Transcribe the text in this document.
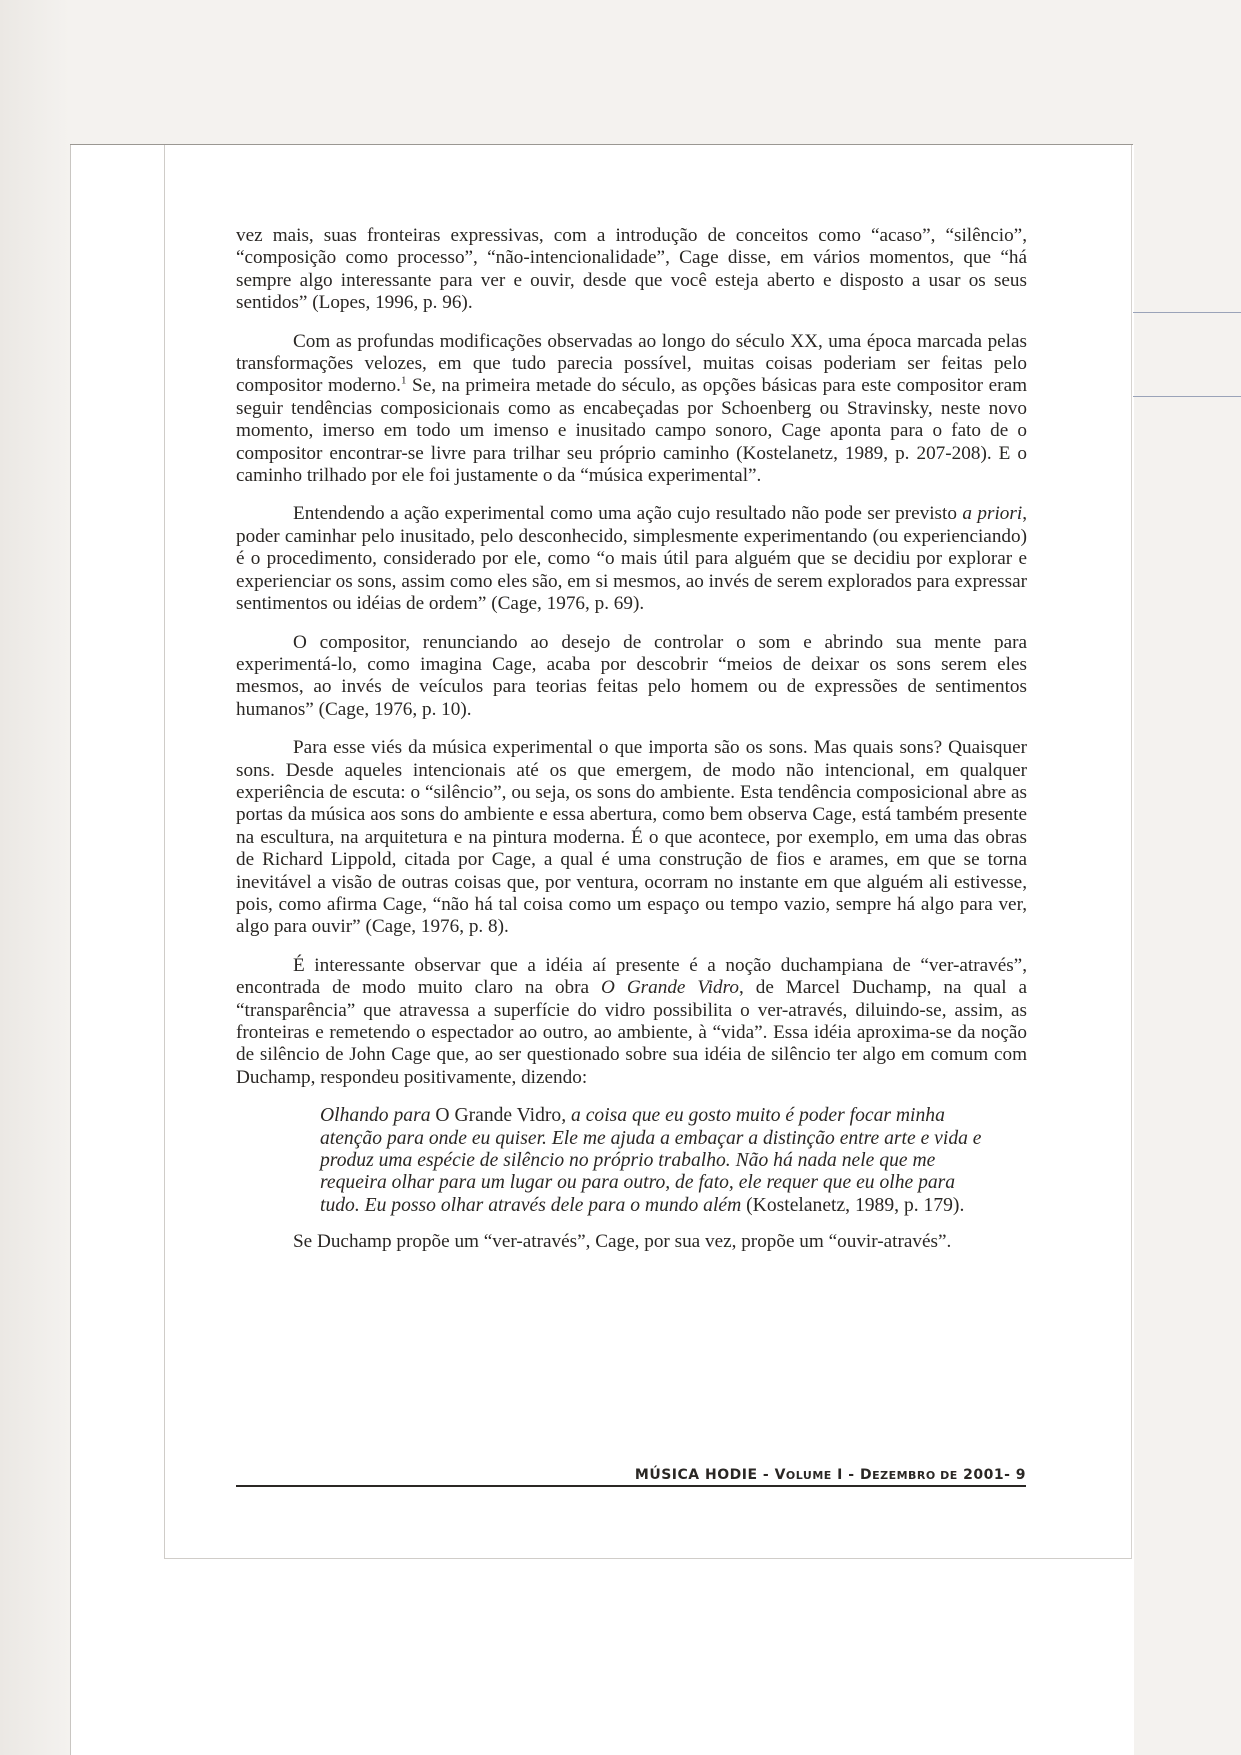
vez mais, suas fronteiras expressivas, com a introdução de conceitos como “acaso”, “silêncio”, “composição como processo”, “não-intencionalidade”, Cage disse, em vários momentos, que “há sempre algo interessante para ver e ouvir, desde que você esteja aberto e disposto a usar os seus sentidos” (Lopes, 1996, p. 96).

Com as profundas modificações observadas ao longo do século XX, uma época marcada pelas transformações velozes, em que tudo parecia possível, muitas coisas poderiam ser feitas pelo compositor moderno.$^1$ Se, na primeira metade do século, as opções básicas para este compositor eram seguir tendências composicionais como as encabeçadas por Schoenberg ou Stravinsky, neste novo momento, imerso em todo um imenso e inusitado campo sonoro, Cage aponta para o fato de o compositor encontrar-se livre para trilhar seu próprio caminho (Kostelanetz, 1989, p. 207-208). E o caminho trilhado por ele foi justamente o da “música experimental”.

Entendendo a ação experimental como uma ação cujo resultado não pode ser previsto a priori, poder caminhar pelo inusitado, pelo desconhecido, simplesmente experimentando (ou experienciando) é o procedimento, considerado por ele, como “o mais útil para alguém que se decidiu por explorar e experienciar os sons, assim como eles são, em si mesmos, ao invés de serem explorados para expressar sentimentos ou idéias de ordem” (Cage, 1976, p. 69).

O compositor, renunciando ao desejo de controlar o som e abrindo sua mente para experimentá-lo, como imagina Cage, acaba por descobrir “meios de deixar os sons serem eles mesmos, ao invés de veículos para teorias feitas pelo homem ou de expressões de sentimentos humanos” (Cage, 1976, p. 10).

Para esse viés da música experimental o que importa são os sons. Mas quais sons? Quaisquer sons. Desde aqueles intencionais até os que emergem, de modo não intencional, em qualquer experiência de escuta: o “silêncio”, ou seja, os sons do ambiente. Esta tendência composicional abre as portas da música aos sons do ambiente e essa abertura, como bem observa Cage, está também presente na escultura, na arquitetura e na pintura moderna. É o que acontece, por exemplo, em uma das obras de Richard Lippold, citada por Cage, a qual é uma construção de fios e arames, em que se torna inevitável a visão de outras coisas que, por ventura, ocorram no instante em que alguém ali estivesse, pois, como afirma Cage, “não há tal coisa como um espaço ou tempo vazio, sempre há algo para ver, algo para ouvir” (Cage, 1976, p. 8).

É interessante observar que a idéia aí presente é a noção duchampiana de “ver-através”, encontrada de modo muito claro na obra O Grande Vidro, de Marcel Duchamp, na qual a “transparência” que atravessa a superfície do vidro possibilita o ver-através, diluindo-se, assim, as fronteiras e remetendo o espectador ao outro, ao ambiente, à “vida”. Essa idéia aproxima-se da noção de silêncio de John Cage que, ao ser questionado sobre sua idéia de silêncio ter algo em comum com Duchamp, respondeu positivamente, dizendo:

Olhando para O Grande Vidro, a coisa que eu gosto muito é poder focar minha atenção para onde eu quiser. Ele me ajuda a embaçar a distinção entre arte e vida e produz uma espécie de silêncio no próprio trabalho. Não há nada nele que me requeira olhar para um lugar ou para outro, de fato, ele requer que eu olhe para tudo. Eu posso olhar através dele para o mundo além (Kostelanetz, 1989, p. 179).

Se Duchamp propõe um “ver-através”, Cage, por sua vez, propõe um “ouvir-através”.

MÚSICA HODIE - VOLUME I - DEZEMBRO DE 2001- 9
